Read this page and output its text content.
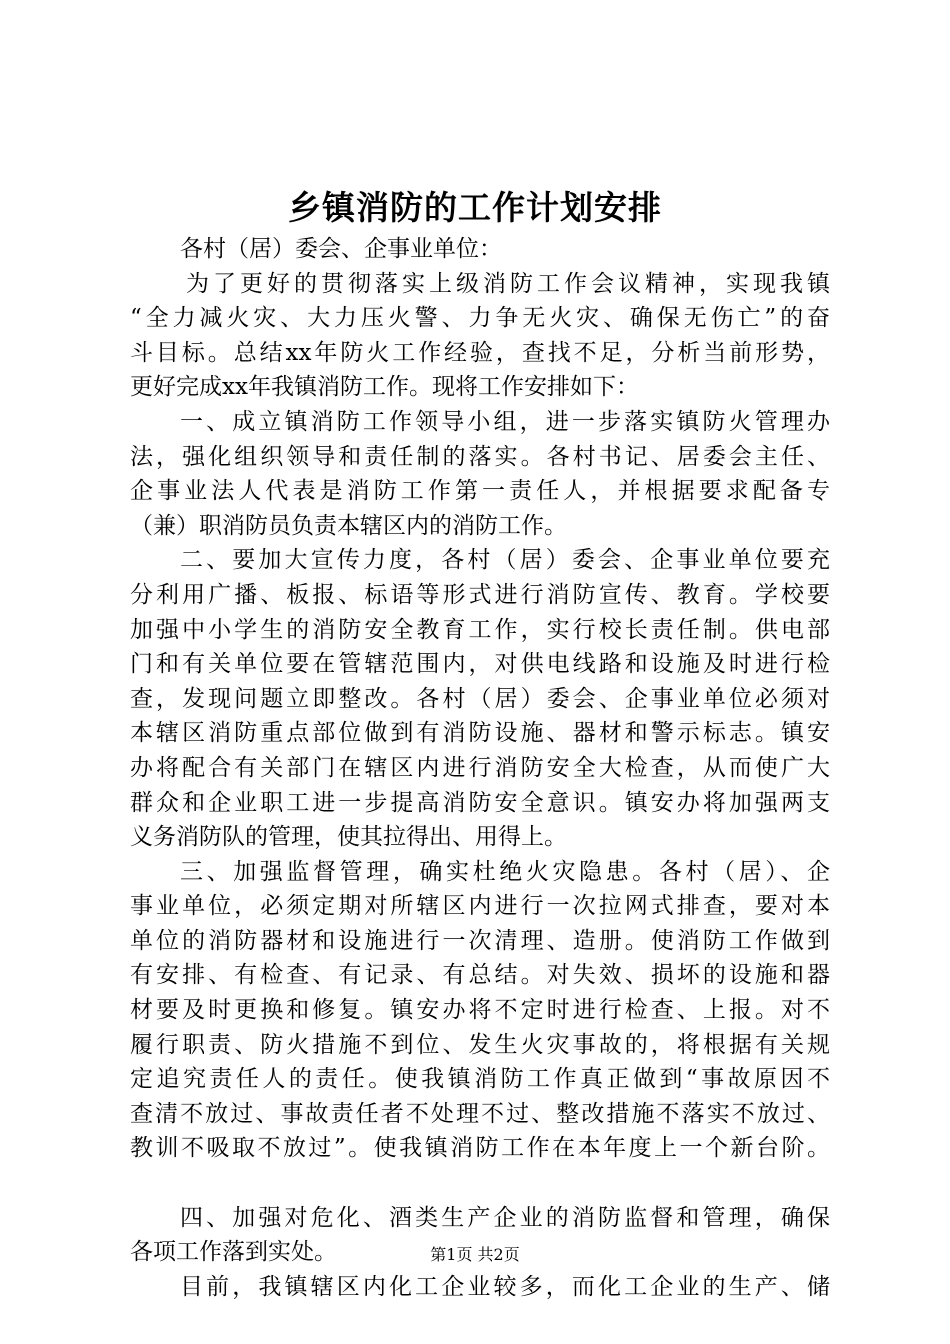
乡镇消防的工作计划安排
各村（居）委会、企事业单位：
为了更好的贯彻落实上级消防工作会议精神，实现我镇
“全力减火灾、大力压火警、力争无火灾、确保无伤亡”的奋
斗目标。总结xx年防火工作经验，查找不足，分析当前形势，
更好完成xx年我镇消防工作。现将工作安排如下：
一、成立镇消防工作领导小组，进一步落实镇防火管理办
法，强化组织领导和责任制的落实。各村书记、居委会主任、
企事业法人代表是消防工作第一责任人，并根据要求配备专
（兼）职消防员负责本辖区内的消防工作。
二、要加大宣传力度，各村（居）委会、企事业单位要充
分利用广播、板报、标语等形式进行消防宣传、教育。学校要
加强中小学生的消防安全教育工作，实行校长责任制。供电部
门和有关单位要在管辖范围内，对供电线路和设施及时进行检
查，发现问题立即整改。各村（居）委会、企事业单位必须对
本辖区消防重点部位做到有消防设施、器材和警示标志。镇安
办将配合有关部门在辖区内进行消防安全大检查，从而使广大
群众和企业职工进一步提高消防安全意识。镇安办将加强两支
义务消防队的管理，使其拉得出、用得上。
三、加强监督管理，确实杜绝火灾隐患。各村（居）、企
事业单位，必须定期对所辖区内进行一次拉网式排查，要对本
单位的消防器材和设施进行一次清理、造册。使消防工作做到
有安排、有检查、有记录、有总结。对失效、损坏的设施和器
材要及时更换和修复。镇安办将不定时进行检查、上报。对不
履行职责、防火措施不到位、发生火灾事故的，将根据有关规
定追究责任人的责任。使我镇消防工作真正做到“事故原因不
查清不放过、事故责任者不处理不过、整改措施不落实不放过、
教训不吸取不放过”。使我镇消防工作在本年度上一个新台阶。
四、加强对危化、酒类生产企业的消防监督和管理，确保
各项工作落到实处。
目前，我镇辖区内化工企业较多，而化工企业的生产、储
第1页 共2页
